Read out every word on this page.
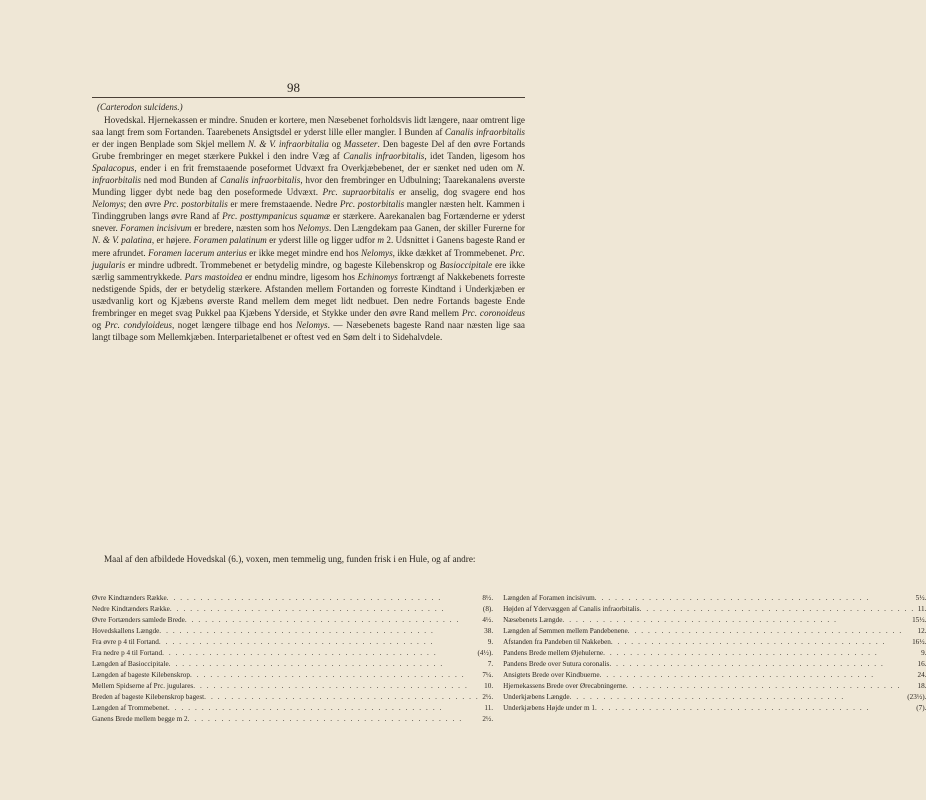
98
(Carterodon sulcidens.)

Hovedskal. Hjernekassen er mindre. Snuden er kortere, men Næsebenet forholdsvis lidt længere, naar omtrent lige saa langt frem som Fortanden. Taarebenets Ansigtsdel er yderst lille eller mangler. I Bunden af Canalis infraorbitalis er der ingen Benplade som Skjel mellem N. & V. infraorbitalia og Masseter. Den bageste Del af den øvre Fortands Grube frembringer en meget stærkere Pukkel i den indre Væg af Canalis infraorbitalis, idet Tanden, ligesom hos Spalacopus, ender i en frit fremstaaende poseformet Udvæxt fra Overkjæbebenet, der er sænket ned uden om N. infraorbitalis ned mod Bunden af Canalis infraorbitalis, hvor den frembringer en Udbulning; Taarekanalens øverste Munding ligger dybt nede bag den poseformede Udvæxt. Prc. supraorbitalis er anselig, dog svagere end hos Nelomys; den øvre Prc. postorbitalis er mere fremstaaende. Nedre Prc. postorbitalis mangler næsten helt. Kammen i Tindinggruben langs øvre Rand af Prc. posttympanicus squamæ er stærkere. Aarekanalen bag Fortænderne er yderst snever. Foramen incisivum er bredere, næsten som hos Nelomys. Den Længdekam paa Ganen, der skiller Furerne for N. & V. palatina, er højere. Foramen palatinum er yderst lille og ligger udfor m 2. Udsnittet i Ganens bageste Rand er mere afrundet. Foramen lacerum anterius er ikke meget mindre end hos Nelomys, ikke dækket af Trommebenet. Prc. jugularis er mindre udbredt. Trommebenet er betydelig mindre, og bageste Kilebenskrop og Basioccipitale ere ikke særlig sammentrykkede. Pars mastoidea er endnu mindre, ligesom hos Echinomys fortrængt af Nakkebenets forreste nedstigende Spids, der er betydelig stærkere. Afstanden mellem Fortanden og forreste Kindtand i Underkjæben er usædvanlig kort og Kjæbens øverste Rand mellem dem meget lidt nedbuet. Den nedre Fortands bageste Ende frembringer en meget svag Pukkel paa Kjæbens Yderside, et Stykke under den øvre Rand mellem Prc. coronoideus og Prc. condyloideus, noget længere tilbage end hos Nelomys. — Næsebenets bageste Rand naar næsten lige saa langt tilbage som Mellemkjæben. Interparietalbenet er oftest ved en Søm delt i to Sidehalvdele.

Maal af den afbildede Hovedskal (6.), voxen, men temmelig ung, funden frisk i en Hule, og af andre:

Øvre Kindtænders Række . . .	8½.
Nedre Kindtænders Række . . .	(8).
Øvre Fortænders samlede Brede . . .	4½.
Hovedskallens Længde . . .	38.
Fra øvre p 4 til Fortand . . .	9.
Fra nedre p 4 til Fortand . . .	(4½).
Længden af Basioccipitale . . .	7.
Længden af bageste Kilebenskrop . . .	7¼.
Mellem Spidserne af Prc. jugulares . . .	10.
Breden af bageste Kilebenskrop bagest . . .	2½.
Længden af Trommebenet . . .	11.
Ganens Brede mellem begge m 2 . . .	2½.
Længden af Foramen incisivum . . .	5½.
Højden af Ydervæggen af Canalis infraorbitalis . . .	11.
Næsebenets Længde . . .	15½.
Længden af Sømmen mellem Pandebenene . . .	12.
Afstanden fra Pandeben til Nakkeben . . .	16½.
Pandens Brede mellem Øjehulerne . . .	9.
Pandens Brede over Sutura coronalis . . .	16.
Ansigtets Brede over Kindbuerne . . .	24.
Hjernekassens Brede over Ørecabningerne . . .	18.
Underkjæbens Længde . . .	(23½).
Underkjæbens Højde under m 1 . . .	(7).
